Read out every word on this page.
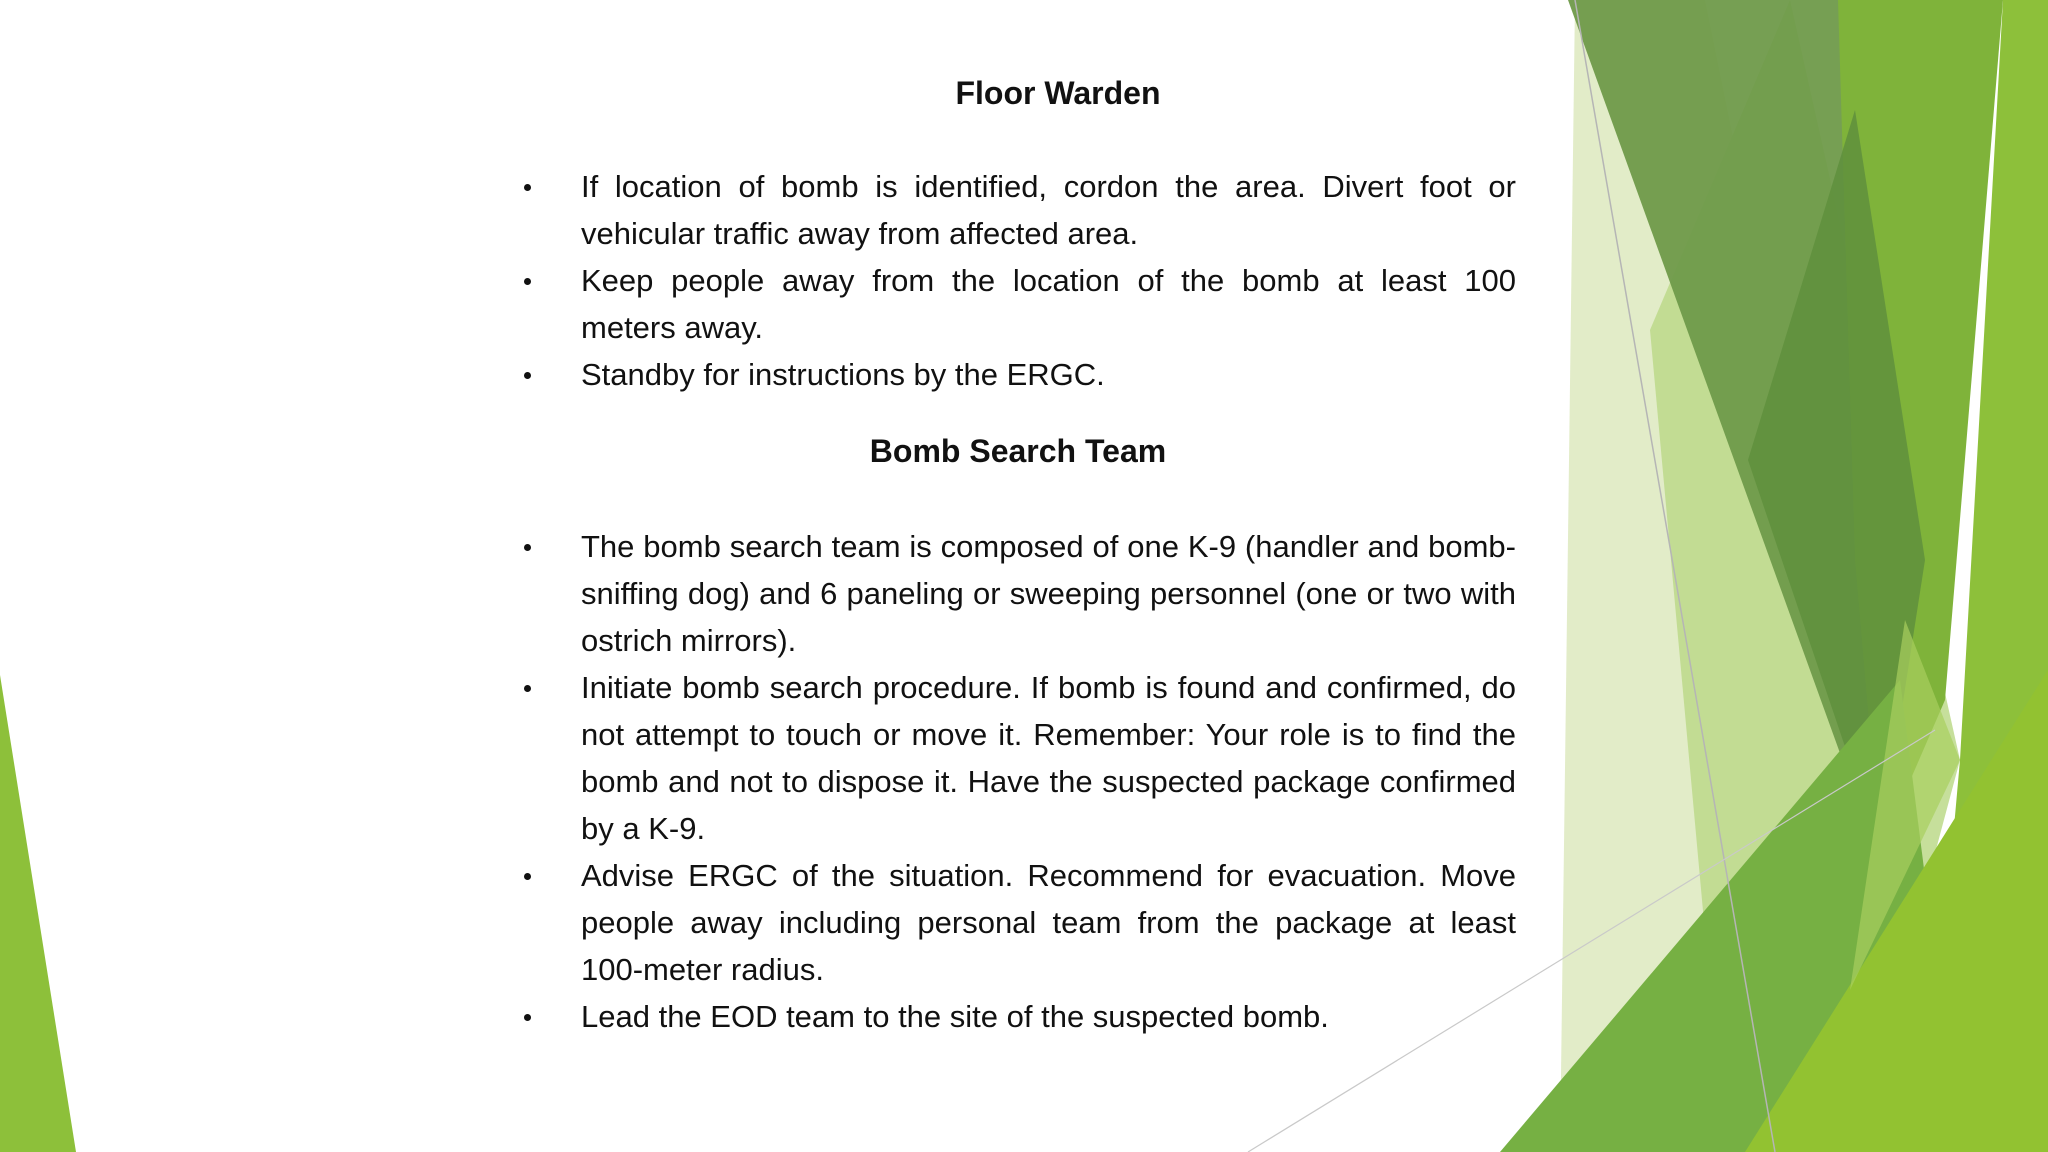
Floor Warden
If location of bomb is identified, cordon the area. Divert foot or vehicular traffic away from affected area.
Keep people away from the location of the bomb at least 100 meters away.
Standby for instructions by the ERGC.
Bomb Search Team
The bomb search team is composed of one K-9 (handler and bomb-sniffing dog) and 6 paneling or sweeping personnel (one or two with ostrich mirrors).
Initiate bomb search procedure. If bomb is found and confirmed, do not attempt to touch or move it. Remember: Your role is to find the bomb and not to dispose it. Have the suspected package confirmed by a K-9.
Advise ERGC of the situation. Recommend for evacuation. Move people away including personal team from the package at least 100-meter radius.
Lead the EOD team to the site of the suspected bomb.
